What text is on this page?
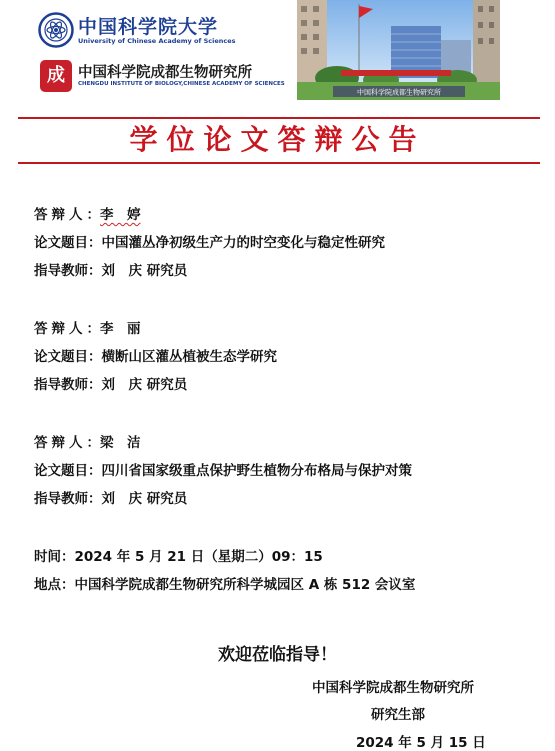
中国科学院大学
University of Chinese Academy of Sciences
成 中国科学院成都生物研究所
CHENGDU INSTITUTE OF BIOLOGY,CHINESE ACADEMY OF SCIENCES
中国科学院成都生物研究所
学位论文答辩公告
答辩人：李　婷
论文题目：中国灌丛净初级生产力的时空变化与稳定性研究
指导教师：刘　庆 研究员
答辩人：李　丽
论文题目：横断山区灌丛植被生态学研究
指导教师：刘　庆 研究员
答辩人：梁　洁
论文题目：四川省国家级重点保护野生植物分布格局与保护对策
指导教师：刘　庆 研究员
时间：2024 年 5 月 21 日（星期二）09：15
地点：中国科学院成都生物研究所科学城园区 A 栋 512 会议室
欢迎莅临指导！
中国科学院成都生物研究所
研究生部
2024 年 5 月 15 日
